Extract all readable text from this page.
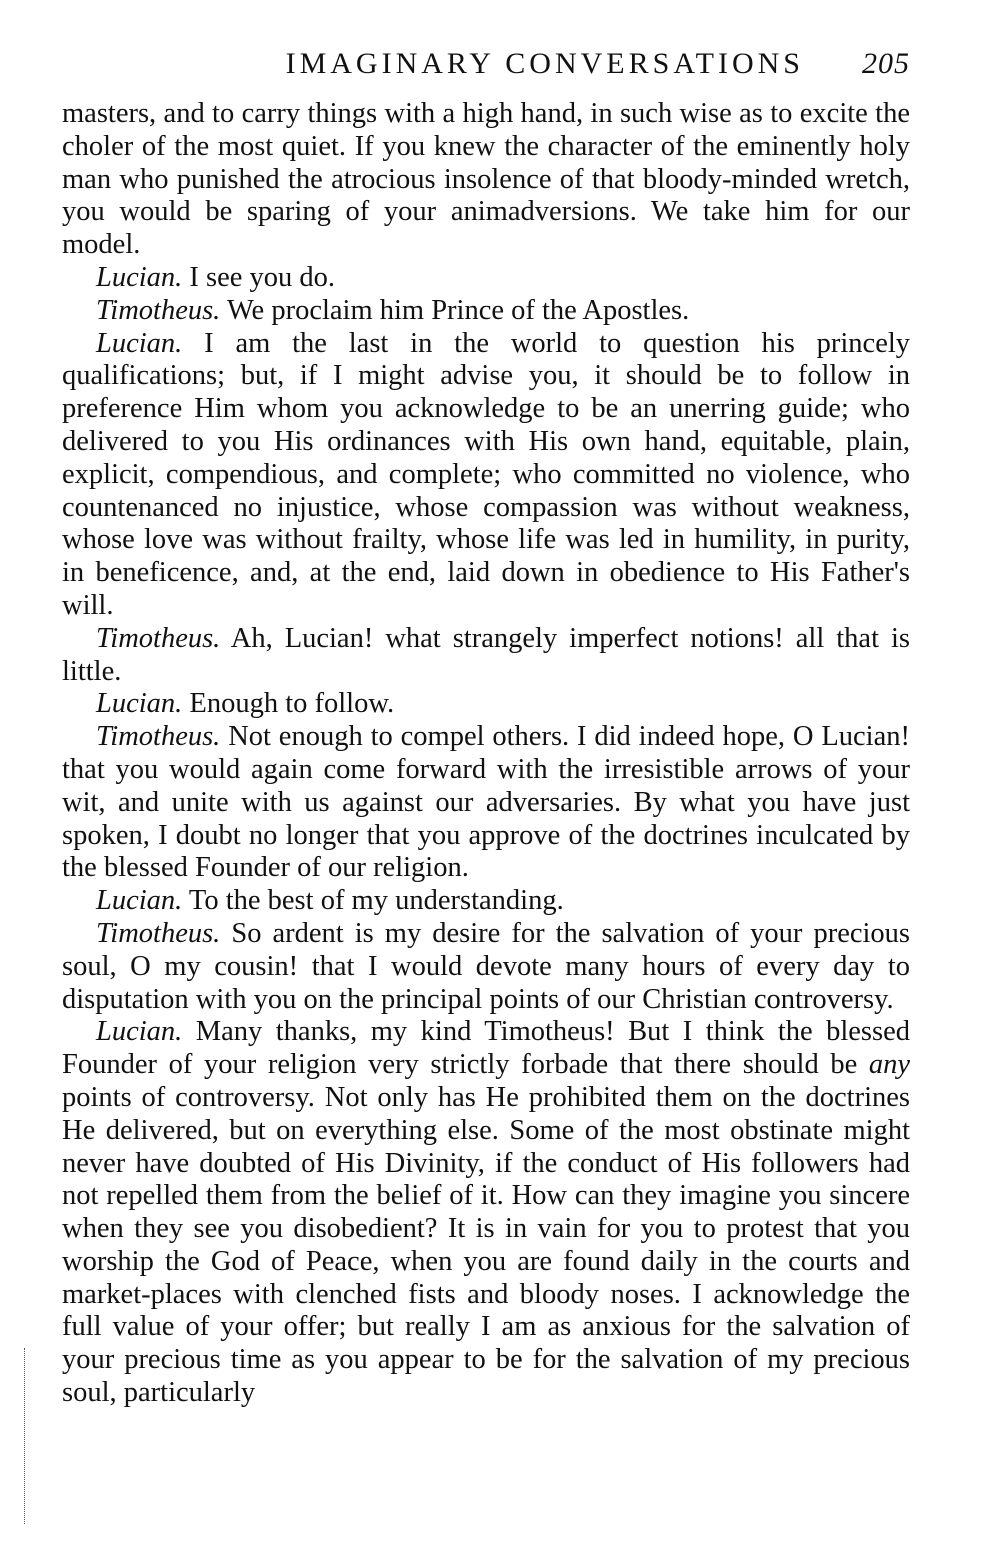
IMAGINARY CONVERSATIONS 205

masters, and to carry things with a high hand, in such wise as to excite the choler of the most quiet. If you knew the character of the eminently holy man who punished the atrocious insolence of that bloody-minded wretch, you would be sparing of your animadversions. We take him for our model.

Lucian. I see you do.

Timotheus. We proclaim him Prince of the Apostles.

Lucian. I am the last in the world to question his princely qualifications; but, if I might advise you, it should be to follow in preference Him whom you acknowledge to be an unerring guide; who delivered to you His ordinances with His own hand, equitable, plain, explicit, compendious, and complete; who committed no violence, who countenanced no injustice, whose compassion was without weakness, whose love was without frailty, whose life was led in humility, in purity, in beneficence, and, at the end, laid down in obedience to His Father's will.

Timotheus. Ah, Lucian! what strangely imperfect notions! all that is little.

Lucian. Enough to follow.

Timotheus. Not enough to compel others. I did indeed hope, O Lucian! that you would again come forward with the irresistible arrows of your wit, and unite with us against our adversaries. By what you have just spoken, I doubt no longer that you approve of the doctrines inculcated by the blessed Founder of our religion.

Lucian. To the best of my understanding.

Timotheus. So ardent is my desire for the salvation of your precious soul, O my cousin! that I would devote many hours of every day to disputation with you on the principal points of our Christian controversy.

Lucian. Many thanks, my kind Timotheus! But I think the blessed Founder of your religion very strictly forbade that there should be any points of controversy. Not only has He prohibited them on the doctrines He delivered, but on everything else. Some of the most obstinate might never have doubted of His Divinity, if the conduct of His followers had not repelled them from the belief of it. How can they imagine you sincere when they see you disobedient? It is in vain for you to protest that you worship the God of Peace, when you are found daily in the courts and market-places with clenched fists and bloody noses. I acknowledge the full value of your offer; but really I am as anxious for the salvation of your precious time as you appear to be for the salvation of my precious soul, particularly
